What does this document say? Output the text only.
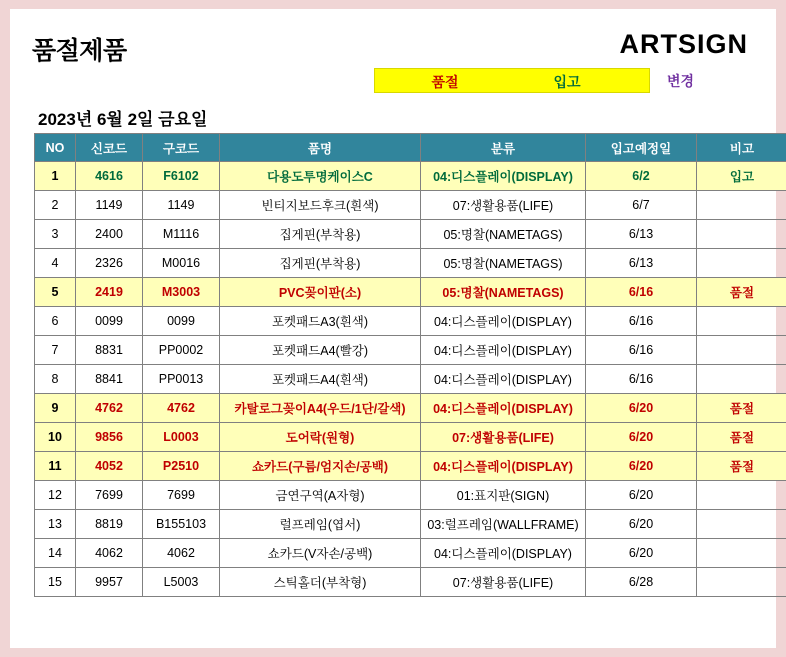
품절제품	ARTSIGN
품절	입고	변경
2023년 6월 2일 금요일
NO	신코드	구코드	품명	분류	입고예정일	비고
1	4616	F6102	다용도투명케이스C	04:디스플레이(DISPLAY)	6/2	입고
2	1149	1149	빈티지보드후크(흰색)	07:생활용품(LIFE)	6/7	
3	2400	M1116	집게핀(부착용)	05:명찰(NAMETAGS)	6/13	
4	2326	M0016	집게핀(부착용)	05:명찰(NAMETAGS)	6/13	
5	2419	M3003	PVC꽂이판(소)	05:명찰(NAMETAGS)	6/16	품절
6	0099	0099	포켓패드A3(흰색)	04:디스플레이(DISPLAY)	6/16	
7	8831	PP0002	포켓패드A4(빨강)	04:디스플레이(DISPLAY)	6/16	
8	8841	PP0013	포켓패드A4(흰색)	04:디스플레이(DISPLAY)	6/16	
9	4762	4762	카탈로그꽂이A4(우드/1단/갈색)	04:디스플레이(DISPLAY)	6/20	품절
10	9856	L0003	도어락(원형)	07:생활용품(LIFE)	6/20	품절
11	4052	P2510	쇼카드(구름/엄지손/공백)	04:디스플레이(DISPLAY)	6/20	품절
12	7699	7699	금연구역(A자형)	01:표지판(SIGN)	6/20	
13	8819	B155103	럴프레임(엽서)	03:럴프레임(WALLFRAME)	6/20	
14	4062	4062	쇼카드(V자손/공백)	04:디스플레이(DISPLAY)	6/20	
15	9957	L5003	스틱홀더(부착형)	07:생활용품(LIFE)	6/28	
